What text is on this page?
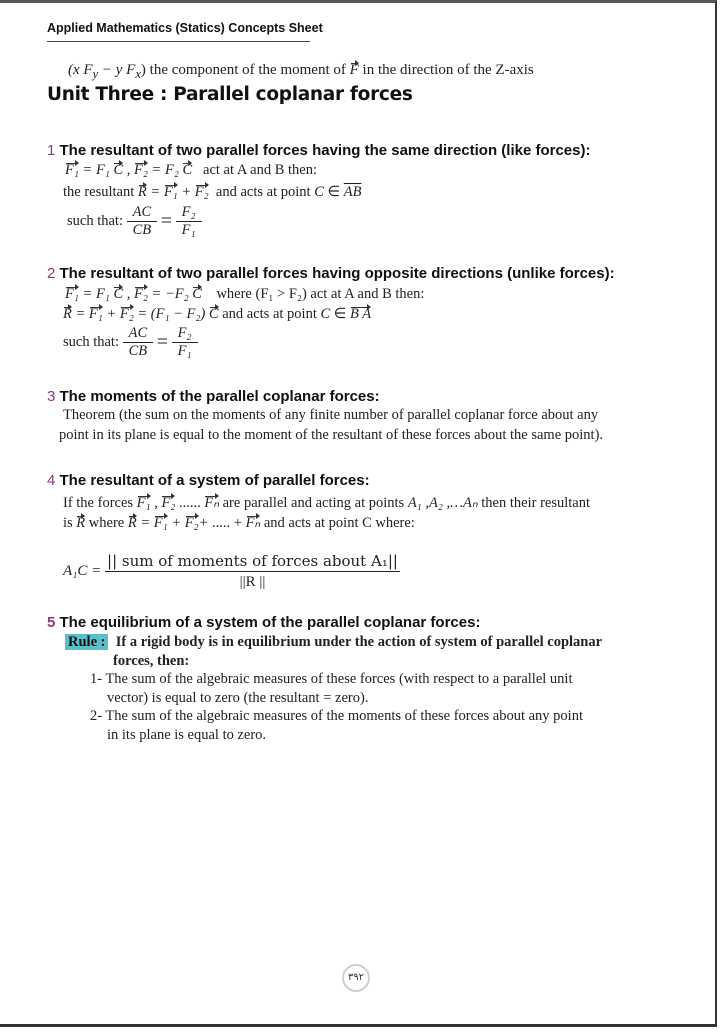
Applied Mathematics (Statics) Concepts Sheet
(x $F_y - y$ $F_x$) the component of the moment of F in the direction of the Z-axis
Unit Three : Parallel coplanar forces
1 The resultant of two parallel forces having the same direction (like forces):
F₁ = F₁ C , F₂ = F₂ C act at A and B then:
the resultant R = F₁ + F₂  and acts at point C ∈ $\overline{AB}$
such that: $\frac{AC}{CB} = \frac{\text{F₂}}{\text{F₁}}$
2 The resultant of two parallel forces having opposite directions (unlike forces):
F₁ = F₁ C , F₂ = −F₂ C where (F₁ > F₂) act at A and B then:
R = F₁ + F₂ = (F₁ − F₂) C and acts at point C ∈ B A
such that: $\frac{AC}{CB} = \frac{\text{F₂}}{\text{F₁}}$
3 The moments of the parallel coplanar forces:
Theorem (the sum on the moments of any finite number of parallel coplanar force about any
point in its plane is equal to the moment of the resultant of these forces about the same point).
4 The resultant of a system of parallel forces:
If the forces F₁ , F₂ ...... Fₙ are parallel and acting at points A₁ ,A₂ ,…Aₙ then their resultant
is R where R = F₁ + F₂+ ..... + Fₙ and acts at point C where:
A₁C =
|| sum of moments of forces about A₁||
||R ||
5 The equilibrium of a system of the parallel coplanar forces:
Rule : If a rigid body is in equilibrium under the action of system of parallel coplanar
forces, then:
1- The sum of the algebraic measures of these forces (with respect to a parallel unit
vector) is equal to zero (the resultant = zero).
2- The sum of the algebraic measures of the moments of these forces about any point
in its plane is equal to zero.
٣٩٢
